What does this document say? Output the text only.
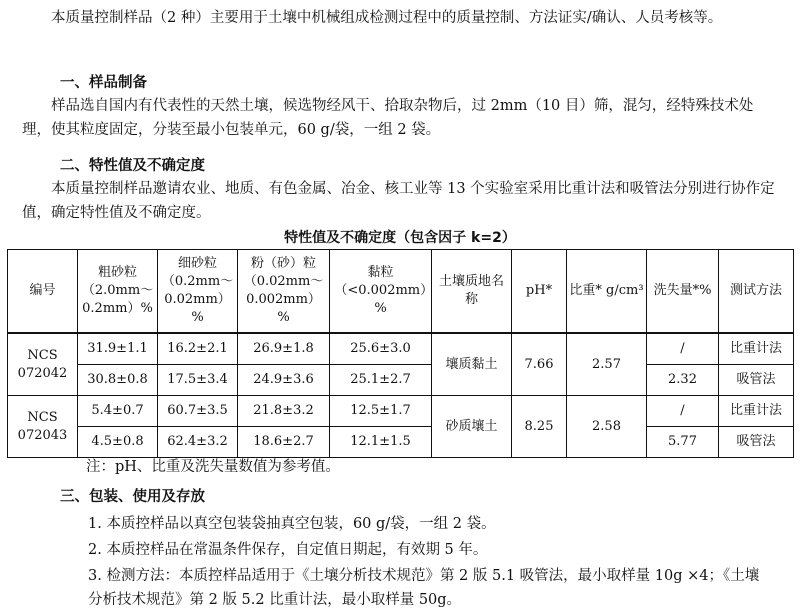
本质量控制样品（2 种）主要用于土壤中机械组成检测过程中的质量控制、方法证实/确认、人员考核等。

一、样品制备

样品选自国内有代表性的天然土壤，候选物经风干、拾取杂物后，过 2mm（10 目）筛，混匀，经特殊技术处理，使其粒度固定，分装至最小包装单元，60 g/袋，一组 2 袋。

二、特性值及不确定度

本质量控制样品邀请农业、地质、有色金属、冶金、核工业等 13 个实验室采用比重计法和吸管法分别进行协作定值，确定特性值及不确定度。

特性值及不确定度（包含因子 k=2）
编号	粗砂粒（2.0mm～0.2mm）%	细砂粒（0.2mm～0.02mm）%	粉（砂）粒（0.02mm～0.002mm）%	黏粒（<0.002mm）%	土壤质地名称	pH*	比重* g/cm³	洗失量*%	测试方法
NCS 072042	31.9±1.1	16.2±2.1	26.9±1.8	25.6±3.0	壤质黏土	7.66	2.57	/	比重计法
	30.8±0.8	17.5±3.4	24.9±3.6	25.1±2.7				2.32	吸管法
NCS 072043	5.4±0.7	60.7±3.5	21.8±3.2	12.5±1.7	砂质壤土	8.25	2.58	/	比重计法
	4.5±0.8	62.4±3.2	18.6±2.7	12.1±1.5				5.77	吸管法

注：pH、比重及洗失量数值为参考值。

三、包装、使用及存放

1. 本质控样品以真空包装袋抽真空包装，60 g/袋，一组 2 袋。

2. 本质控样品在常温条件保存，自定值日期起，有效期 5 年。

3. 检测方法：本质控样品适用于《土壤分析技术规范》第 2 版 5.1 吸管法，最小取样量 10g ×4；《土壤分析技术规范》第 2 版 5.2 比重计法，最小取样量 50g。
